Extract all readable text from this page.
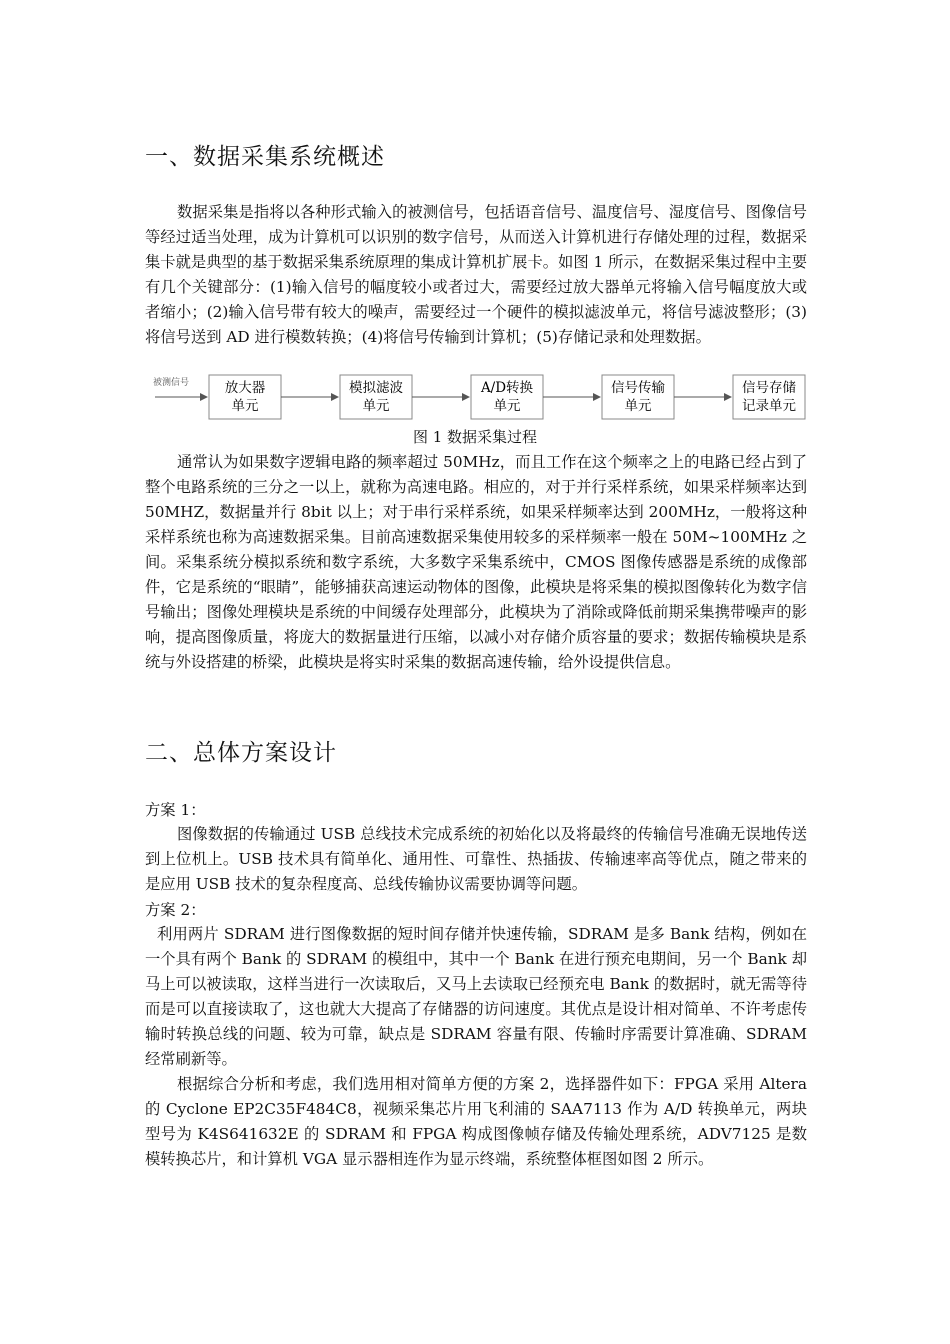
一、数据采集系统概述

数据采集是指将以各种形式输入的被测信号，包括语音信号、温度信号、湿度信号、图像信号等经过适当处理，成为计算机可以识别的数字信号，从而送入计算机进行存储处理的过程，数据采集卡就是典型的基于数据采集系统原理的集成计算机扩展卡。如图 1 所示，在数据采集过程中主要有几个关键部分：(1)输入信号的幅度较小或者过大，需要经过放大器单元将输入信号幅度放大或者缩小；(2)输入信号带有较大的噪声，需要经过一个硬件的模拟滤波单元，将信号滤波整形；(3)将信号送到 AD 进行模数转换；(4)将信号传输到计算机；(5)存储记录和处理数据。

被测信号	放大器
单元
模拟滤波
单元
A/D转换
单元
信号传输
单元
信号存储
记录单元

图 1 数据采集过程

通常认为如果数字逻辑电路的频率超过 50MHz，而且工作在这个频率之上的电路已经占到了整个电路系统的三分之一以上，就称为高速电路。相应的，对于并行采样系统，如果采样频率达到 50MHZ，数据量并行 8bit 以上；对于串行采样系统，如果采样频率达到 200MHz，一般将这种采样系统也称为高速数据采集。目前高速数据采集使用较多的采样频率一般在 50M~100MHz 之间。采集系统分模拟系统和数字系统，大多数字采集系统中，CMOS 图像传感器是系统的成像部件，它是系统的“眼睛”，能够捕获高速运动物体的图像，此模块是将采集的模拟图像转化为数字信号输出；图像处理模块是系统的中间缓存处理部分，此模块为了消除或降低前期采集携带噪声的影响，提高图像质量，将庞大的数据量进行压缩，以减小对存储介质容量的要求；数据传输模块是系统与外设搭建的桥梁，此模块是将实时采集的数据高速传输，给外设提供信息。

二、总体方案设计

方案 1：

图像数据的传输通过 USB 总线技术完成系统的初始化以及将最终的传输信号准确无误地传送到上位机上。USB 技术具有简单化、通用性、可靠性、热插拔、传输速率高等优点，随之带来的是应用 USB 技术的复杂程度高、总线传输协议需要协调等问题。

方案 2：

利用两片 SDRAM 进行图像数据的短时间存储并快速传输，SDRAM 是多 Bank 结构，例如在一个具有两个 Bank 的 SDRAM 的模组中，其中一个 Bank 在进行预充电期间，另一个 Bank 却马上可以被读取，这样当进行一次读取后，又马上去读取已经预充电 Bank 的数据时，就无需等待而是可以直接读取了，这也就大大提高了存储器的访问速度。其优点是设计相对简单、不许考虑传输时转换总线的问题、较为可靠，缺点是 SDRAM 容量有限、传输时序需要计算准确、SDRAM 经常刷新等。

根据综合分析和考虑，我们选用相对简单方便的方案 2，选择器件如下：FPGA 采用 Altera 的 Cyclone EP2C35F484C8，视频采集芯片用飞利浦的 SAA7113 作为 A/D 转换单元，两块型号为 K4S641632E 的 SDRAM 和 FPGA 构成图像帧存储及传输处理系统，ADV7125 是数模转换芯片，和计算机 VGA 显示器相连作为显示终端，系统整体框图如图 2 所示。
